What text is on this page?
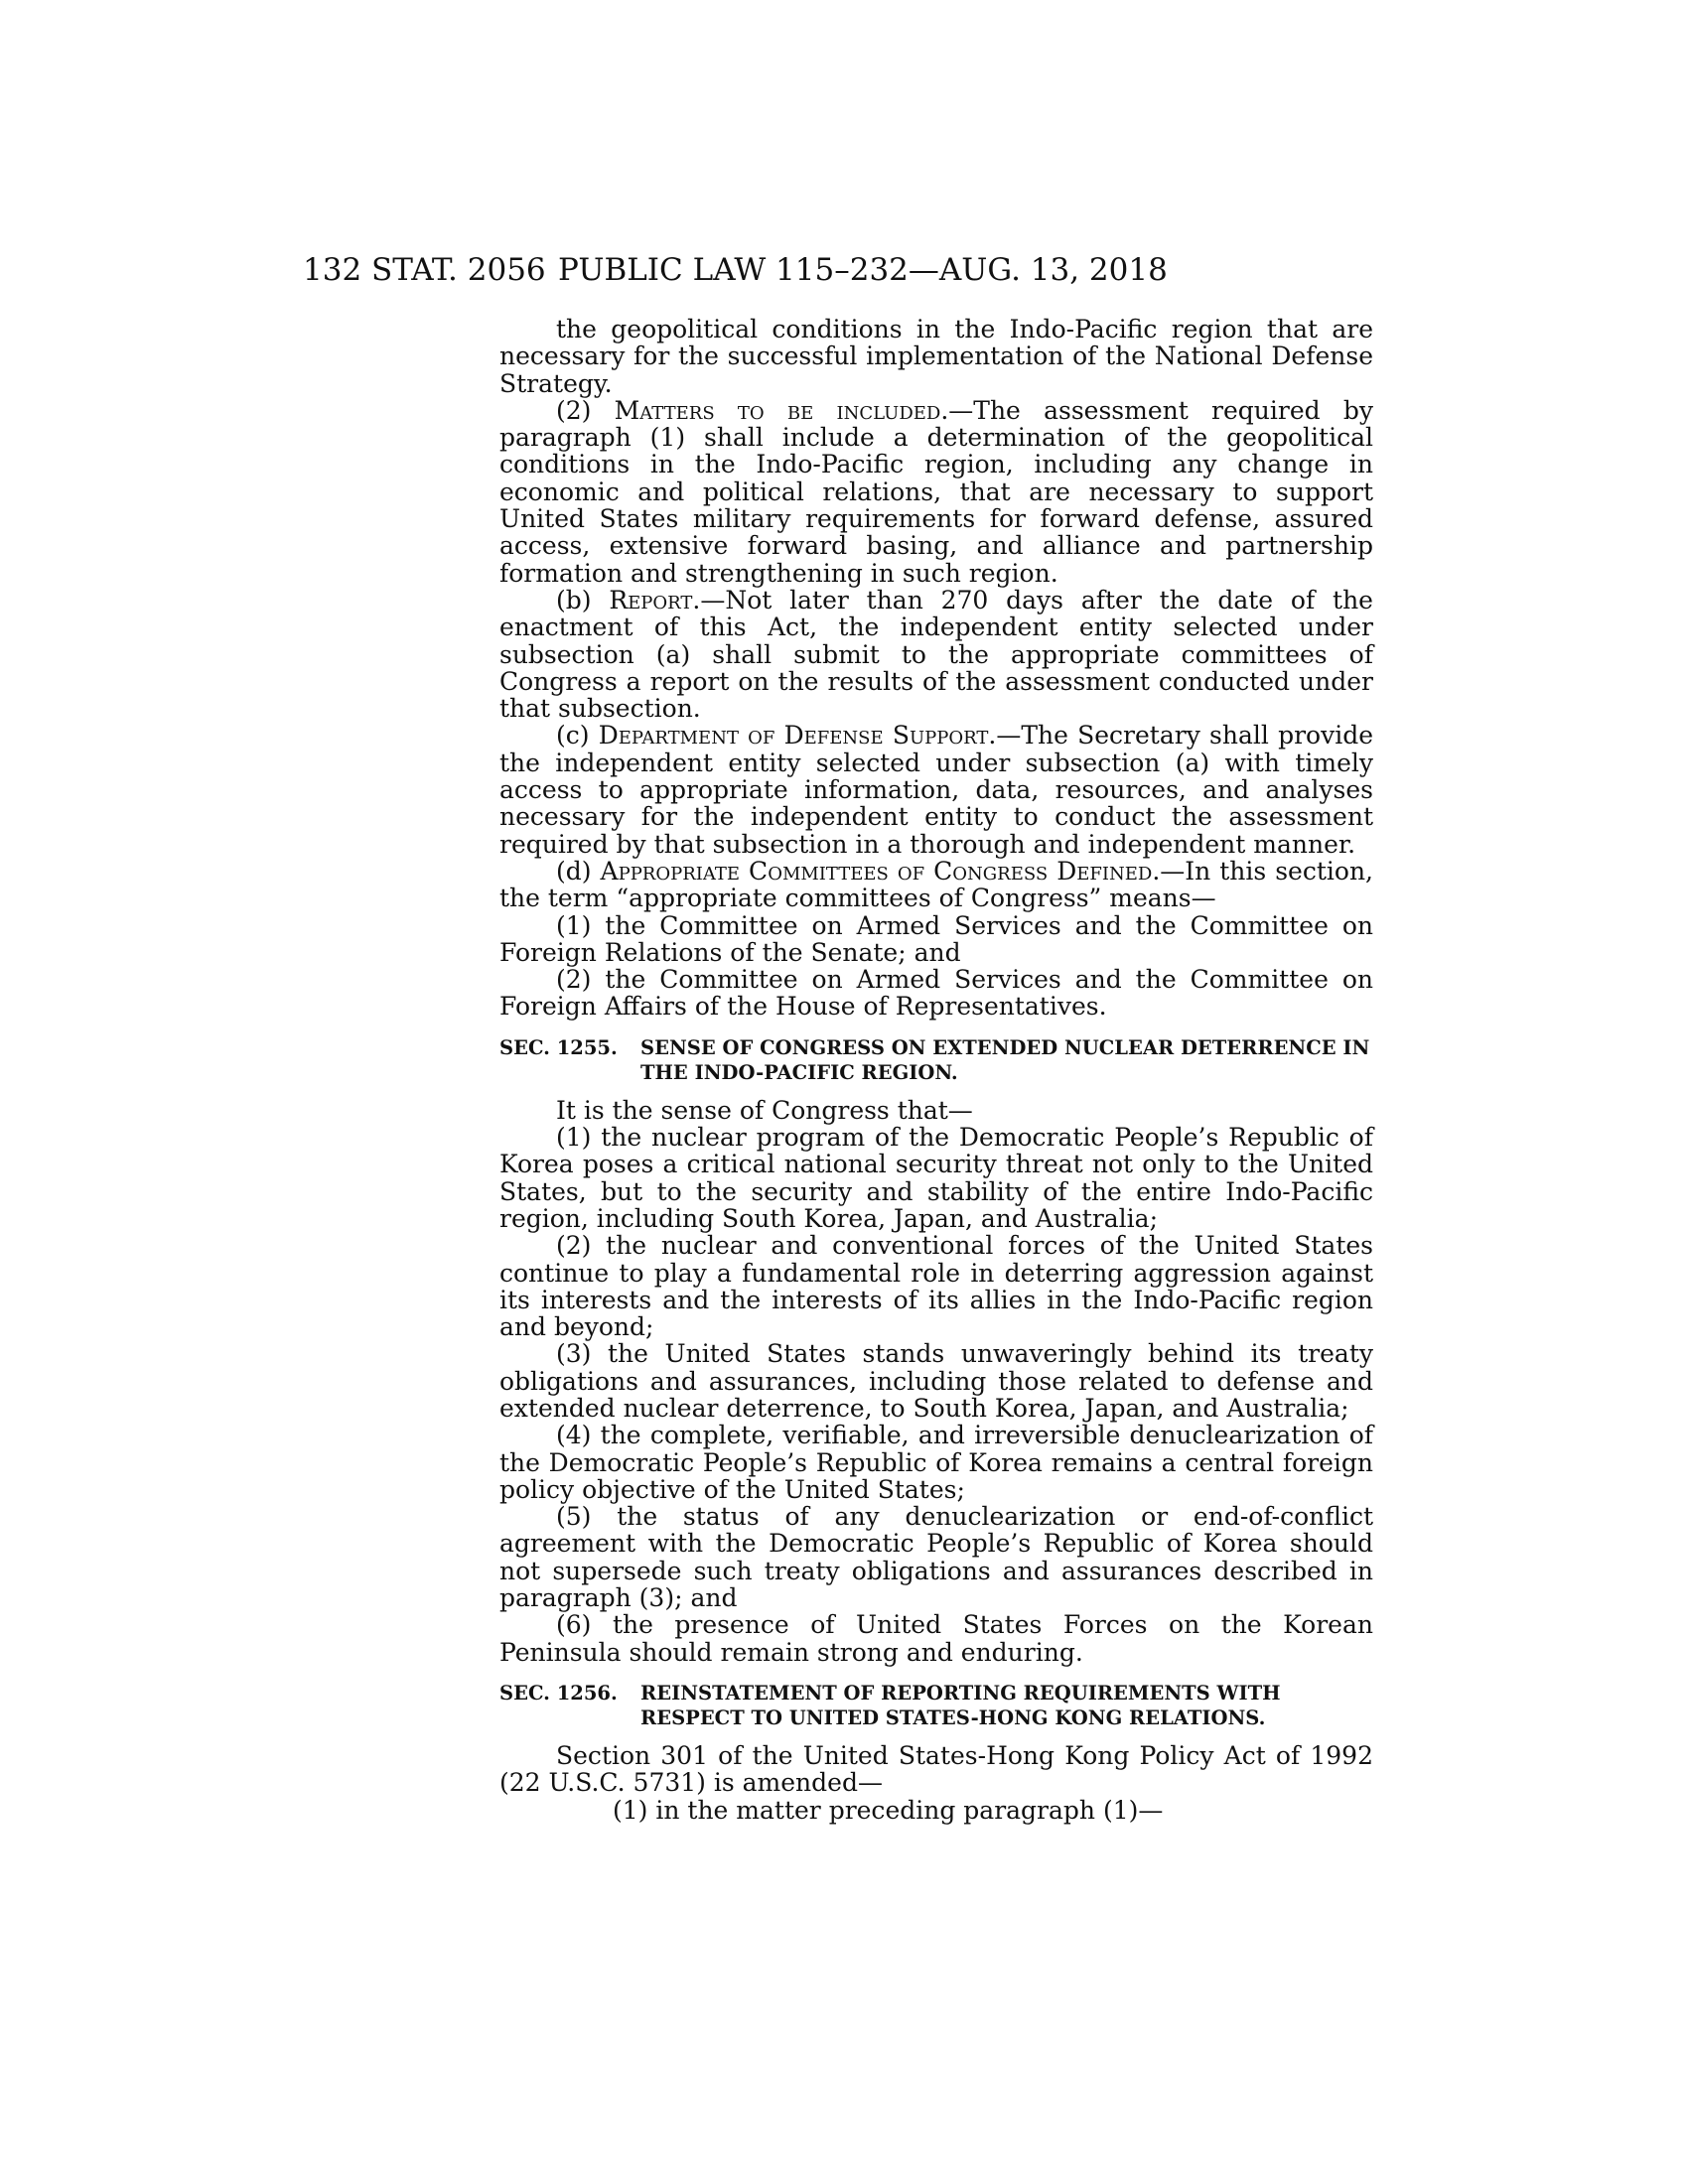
132 STAT. 2056 PUBLIC LAW 115–232—AUG. 13, 2018

the geopolitical conditions in the Indo-Pacific region that are necessary for the successful implementation of the National Defense Strategy.

(2) Matters to be included.—The assessment required by paragraph (1) shall include a determination of the geopolitical conditions in the Indo-Pacific region, including any change in economic and political relations, that are necessary to support United States military requirements for forward defense, assured access, extensive forward basing, and alliance and partnership formation and strengthening in such region.

(b) Report.—Not later than 270 days after the date of the enactment of this Act, the independent entity selected under subsection (a) shall submit to the appropriate committees of Congress a report on the results of the assessment conducted under that subsection.

(c) Department of Defense Support.—The Secretary shall provide the independent entity selected under subsection (a) with timely access to appropriate information, data, resources, and analyses necessary for the independent entity to conduct the assessment required by that subsection in a thorough and independent manner.

(d) Appropriate Committees of Congress Defined.—In this section, the term “appropriate committees of Congress” means—

(1) the Committee on Armed Services and the Committee on Foreign Relations of the Senate; and

(2) the Committee on Armed Services and the Committee on Foreign Affairs of the House of Representatives.

SEC. 1255. SENSE OF CONGRESS ON EXTENDED NUCLEAR DETERRENCE IN THE INDO-PACIFIC REGION.

It is the sense of Congress that—

(1) the nuclear program of the Democratic People’s Republic of Korea poses a critical national security threat not only to the United States, but to the security and stability of the entire Indo-Pacific region, including South Korea, Japan, and Australia;

(2) the nuclear and conventional forces of the United States continue to play a fundamental role in deterring aggression against its interests and the interests of its allies in the Indo-Pacific region and beyond;

(3) the United States stands unwaveringly behind its treaty obligations and assurances, including those related to defense and extended nuclear deterrence, to South Korea, Japan, and Australia;

(4) the complete, verifiable, and irreversible denuclearization of the Democratic People’s Republic of Korea remains a central foreign policy objective of the United States;

(5) the status of any denuclearization or end-of-conflict agreement with the Democratic People’s Republic of Korea should not supersede such treaty obligations and assurances described in paragraph (3); and

(6) the presence of United States Forces on the Korean Peninsula should remain strong and enduring.

SEC. 1256. REINSTATEMENT OF REPORTING REQUIREMENTS WITH RESPECT TO UNITED STATES-HONG KONG RELATIONS.

Section 301 of the United States-Hong Kong Policy Act of 1992 (22 U.S.C. 5731) is amended—

(1) in the matter preceding paragraph (1)—
